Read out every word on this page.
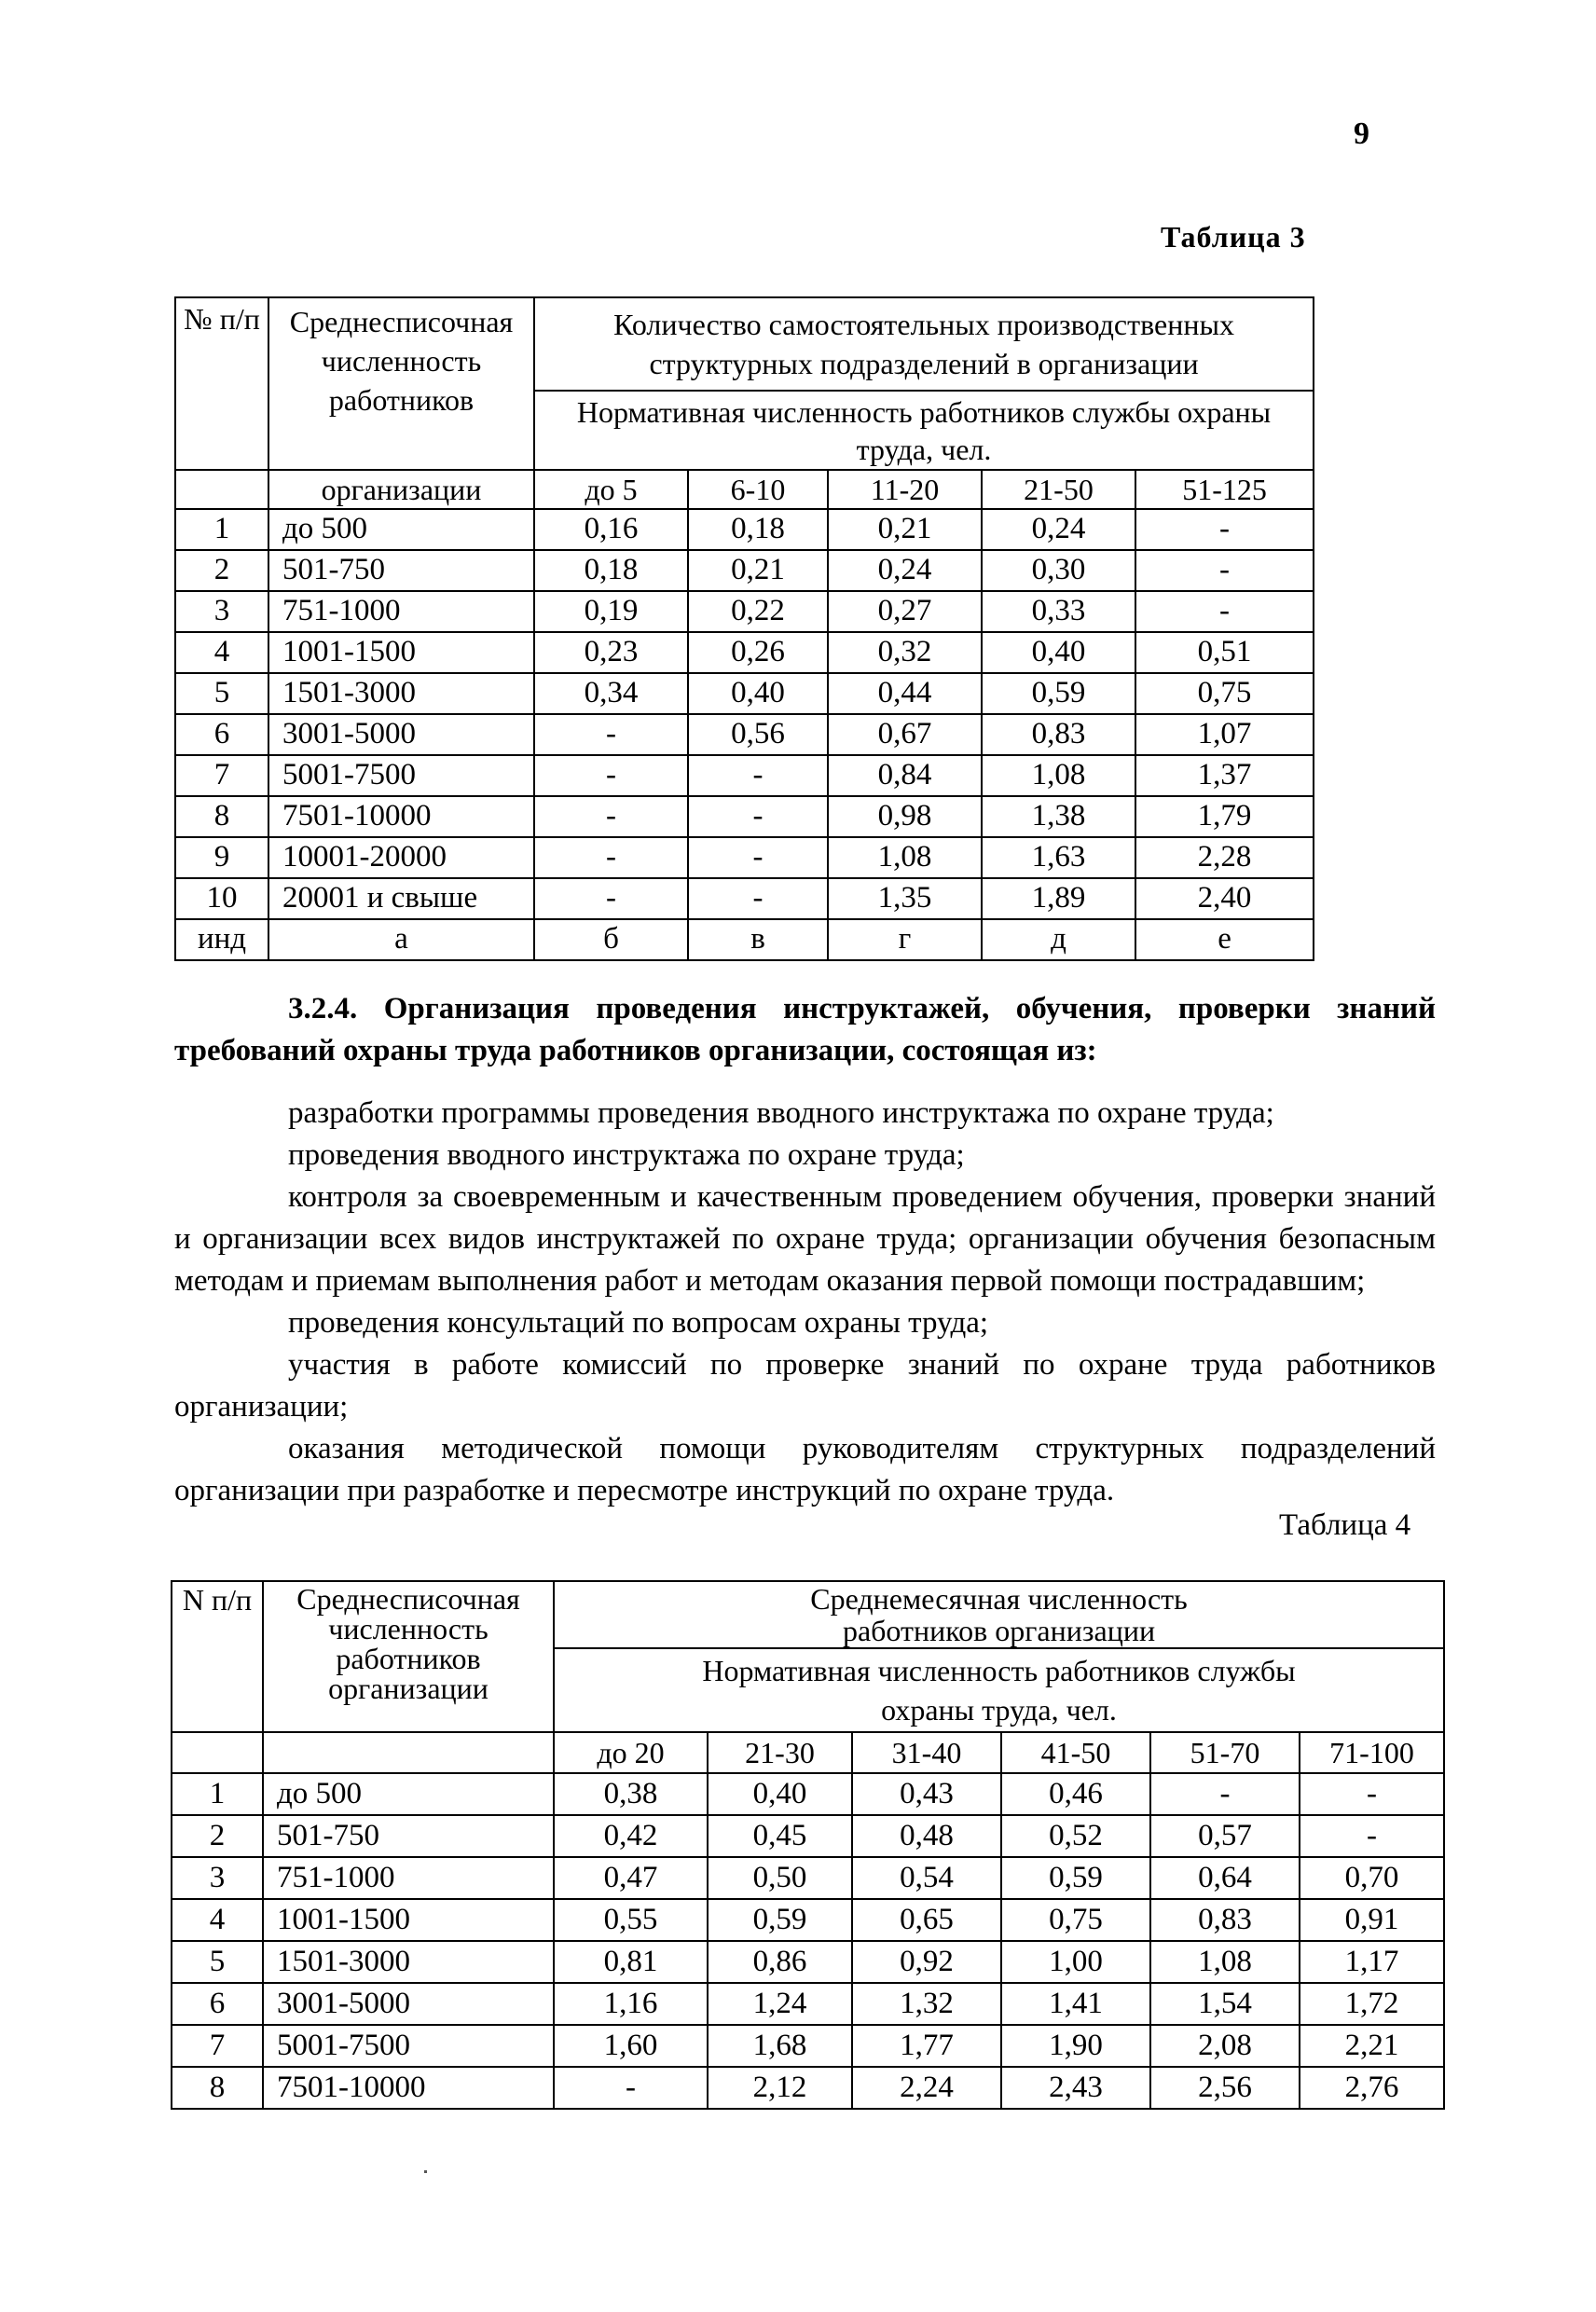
9
Таблица 3
№ п/п	Среднесписочная численность работников	Количество самостоятельных производственных структурных подразделений в организации				
		Нормативная численность работников службы охраны труда, чел.				
	организации	до 5	6-10	11-20	21-50	51-125
1	до 500	0,16	0,18	0,21	0,24	-
2	501-750	0,18	0,21	0,24	0,30	-
3	751-1000	0,19	0,22	0,27	0,33	-
4	1001-1500	0,23	0,26	0,32	0,40	0,51
5	1501-3000	0,34	0,40	0,44	0,59	0,75
6	3001-5000	-	0,56	0,67	0,83	1,07
7	5001-7500	-	-	0,84	1,08	1,37
8	7501-10000	-	-	0,98	1,38	1,79
9	10001-20000	-	-	1,08	1,63	2,28
10	20001 и свыше	-	-	1,35	1,89	2,40
инд	а	б	в	г	д	е

3.2.4. Организация проведения инструктажей, обучения, проверки знаний требований охраны труда работников организации, состоящая из:

разработки программы проведения вводного инструктажа по охране труда;

проведения вводного инструктажа по охране труда;

контроля за своевременным и качественным проведением обучения, проверки знаний и организации всех видов инструктажей по охране труда; организации обучения безопасным методам и приемам выполнения работ и методам оказания первой помощи пострадавшим;

проведения консультаций по вопросам охраны труда;

участия в работе комиссий по проверке знаний по охране труда работников организации;

оказания методической помощи руководителям структурных подразделений организации при разработке и пересмотре инструкций по охране труда.

Таблица 4
N п/п	Среднесписочная численность работников организации	Среднемесячная численность работников организации					
		Нормативная численность работников службы охраны труда, чел.					
		до 20	21-30	31-40	41-50	51-70	71-100
1	до 500	0,38	0,40	0,43	0,46	-	-
2	501-750	0,42	0,45	0,48	0,52	0,57	-
3	751-1000	0,47	0,50	0,54	0,59	0,64	0,70
4	1001-1500	0,55	0,59	0,65	0,75	0,83	0,91
5	1501-3000	0,81	0,86	0,92	1,00	1,08	1,17
6	3001-5000	1,16	1,24	1,32	1,41	1,54	1,72
7	5001-7500	1,60	1,68	1,77	1,90	2,08	2,21
8	7501-10000	-	2,12	2,24	2,43	2,56	2,76
